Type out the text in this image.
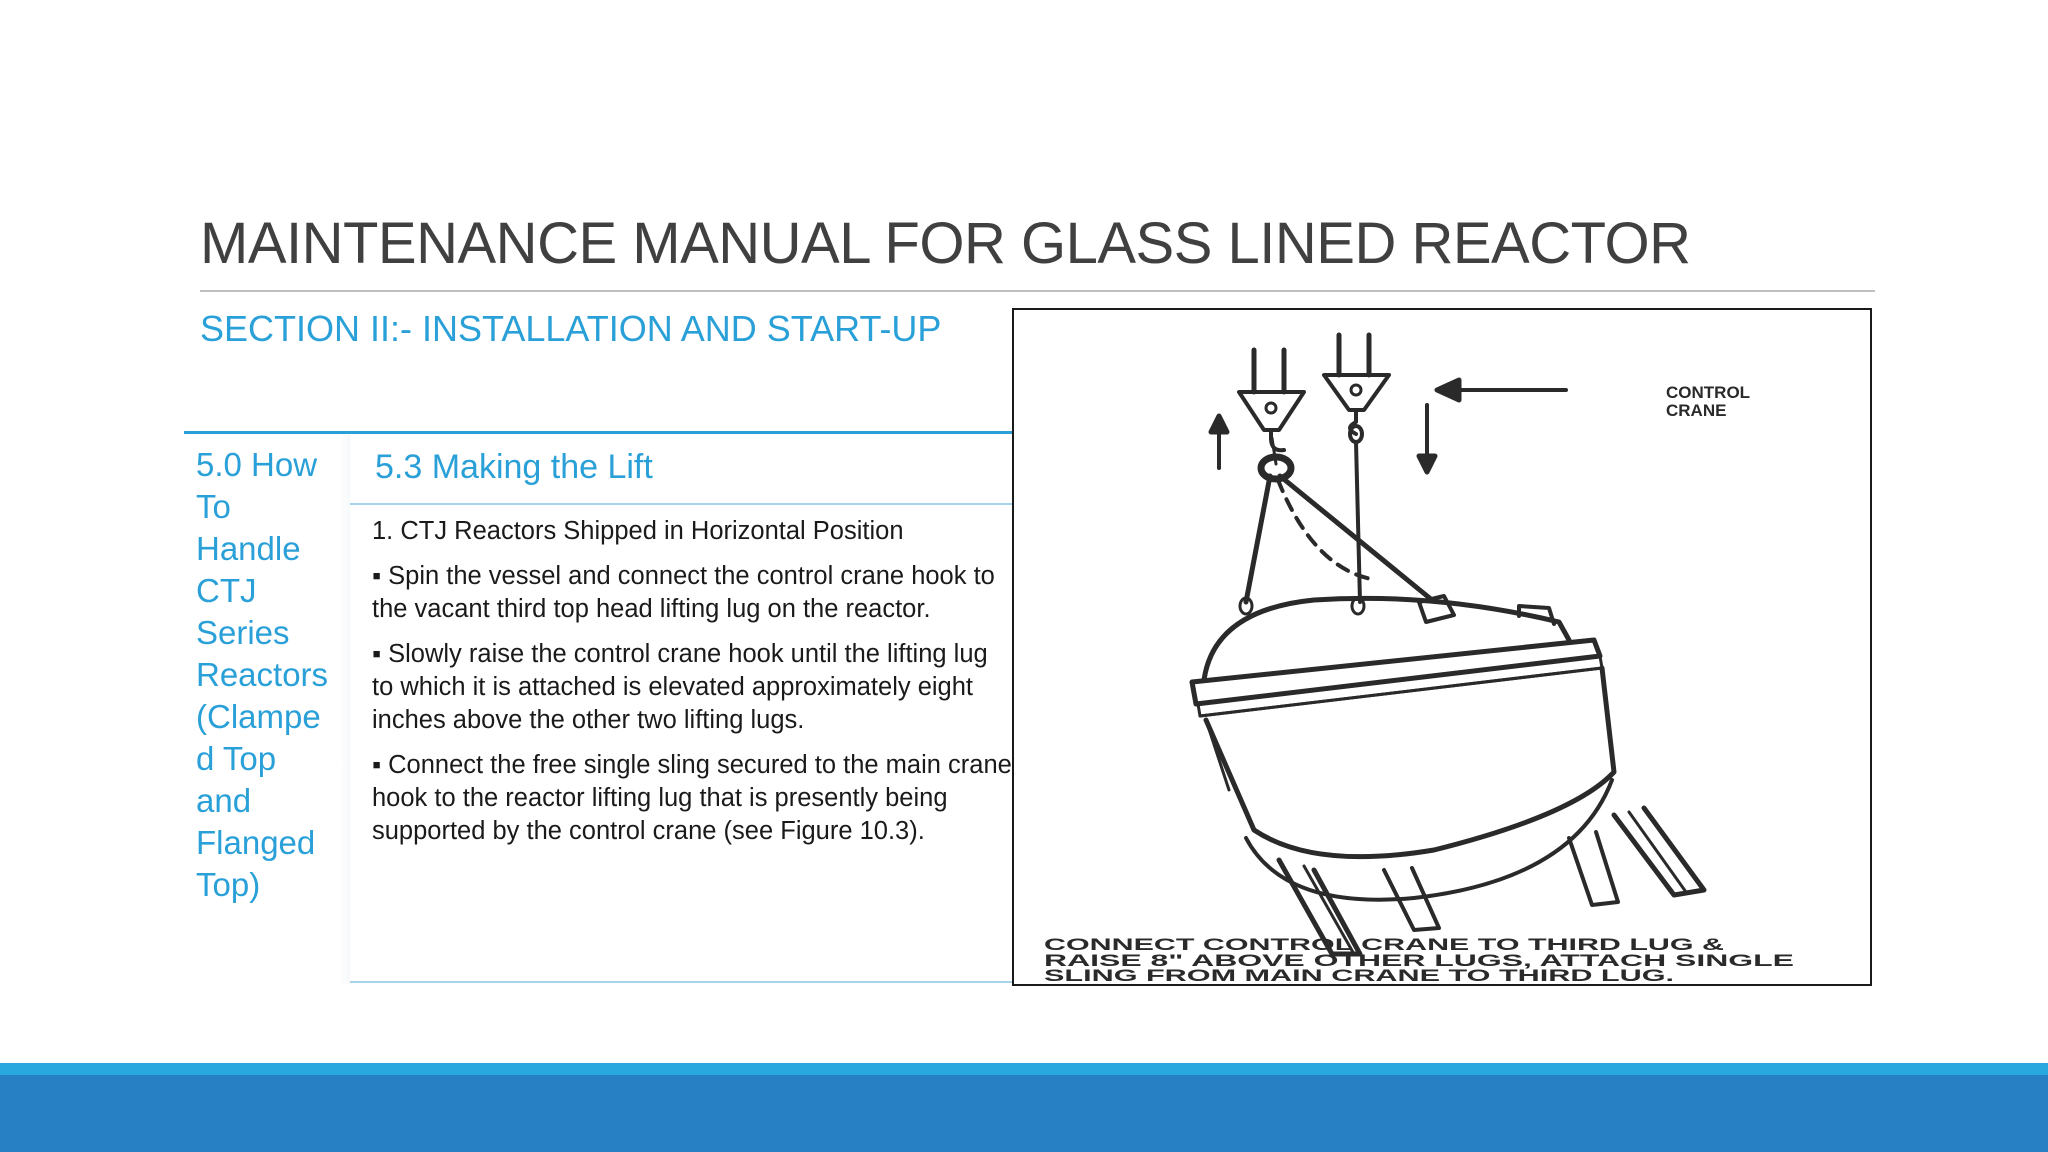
MAINTENANCE MANUAL FOR GLASS LINED REACTOR
SECTION II:- INSTALLATION AND START-UP
5.0 How
To
Handle
CTJ
Series
Reactors
(Clampe
d Top
and
Flanged
Top)
5.3 Making the Lift

1. CTJ Reactors Shipped in Horizontal Position

▪ Spin the vessel and connect the control crane hook to the vacant third top head lifting lug on the reactor.

▪ Slowly raise the control crane hook until the lifting lug to which it is attached is elevated approximately eight inches above the other two lifting lugs.

▪ Connect the free single sling secured to the main crane hook to the reactor lifting lug that is presently being supported by the control crane (see Figure 10.3).

CONTROL
CRANE
CONNECT CONTROL CRANE TO THIRD LUG &
RAISE 8" ABOVE OTHER LUGS, ATTACH SINGLE
SLING FROM MAIN CRANE TO THIRD LUG.
